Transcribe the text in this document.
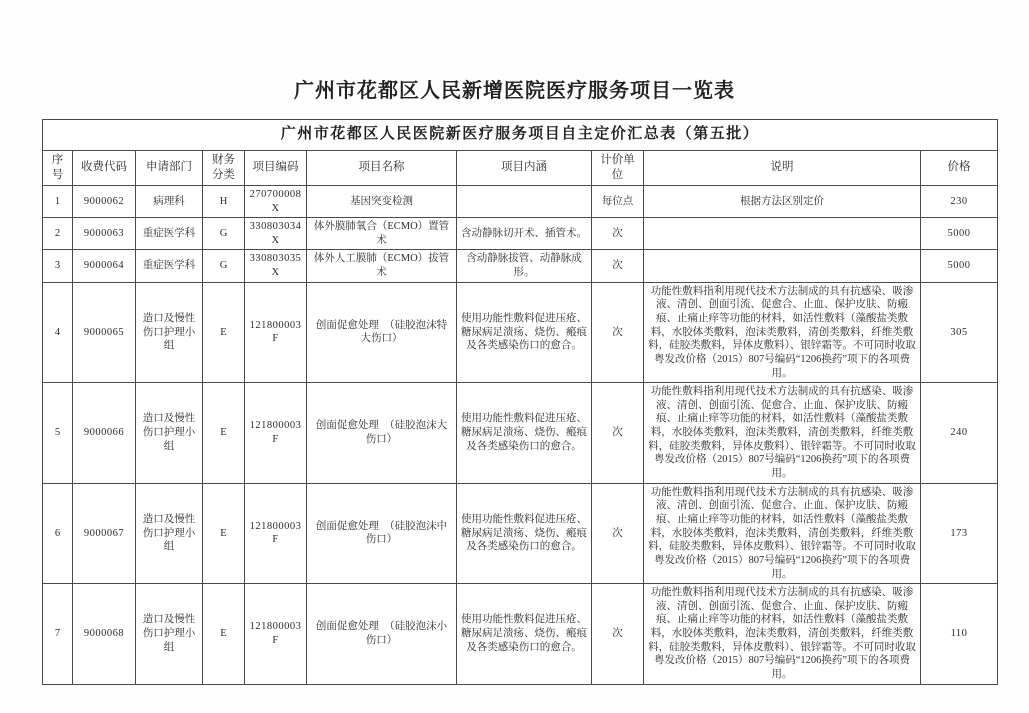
广州市花都区人民新增医院医疗服务项目一览表
广州市花都区人民医院新医疗服务项目自主定价汇总表（第五批）									
序号	收费代码	申请部门	财务分类	项目编码	项目名称	项目内涵	计价单位	说明	价格
1	9000062	病理科	H	270700008X	基因突变检测		每位点	根据方法区别定价	230
2	9000063	重症医学科	G	330803034X	体外膜肺氧合（ECMO）置管术	含动静脉切开术、插管术。	次		5000
3	9000064	重症医学科	G	330803035X	体外人工膜肺（ECMO）拔管术	含动静脉拔管、动静脉成形。	次		5000
4	9000065	造口及慢性伤口护理小组	E	121800003F	创面促愈处理　（硅胶泡沫特大伤口）	使用功能性敷料促进压疮、糖尿病足溃疡、烧伤、瘢痕及各类感染伤口的愈合。	次	功能性敷料指利用现代技术方法制成的具有抗感染、吸渗液、清创、创面引流、促愈合、止血、保护皮肤、防瘢痕、止痛止痒等功能的材料，如活性敷料（藻酸盐类敷料，水胶体类敷料，泡沫类敷料，清创类敷料，纤维类敷料，硅胶类敷料，异体皮敷料）、银锌霜等。不可同时收取粤发改价格（2015）807号编码“1206换药”项下的各项费用。	305
5	9000066	造口及慢性伤口护理小组	E	121800003F	创面促愈处理　（硅胶泡沫大伤口）	使用功能性敷料促进压疮、糖尿病足溃疡、烧伤、瘢痕及各类感染伤口的愈合。	次	功能性敷料指利用现代技术方法制成的具有抗感染、吸渗液、清创、创面引流、促愈合、止血、保护皮肤、防瘢痕、止痛止痒等功能的材料，如活性敷料（藻酸盐类敷料，水胶体类敷料，泡沫类敷料，清创类敷料，纤维类敷料，硅胶类敷料，异体皮敷料）、银锌霜等。不可同时收取粤发改价格（2015）807号编码“1206换药”项下的各项费用。	240
6	9000067	造口及慢性伤口护理小组	E	121800003F	创面促愈处理　（硅胶泡沫中伤口）	使用功能性敷料促进压疮、糖尿病足溃疡、烧伤、瘢痕及各类感染伤口的愈合。	次	功能性敷料指利用现代技术方法制成的具有抗感染、吸渗液、清创、创面引流、促愈合、止血、保护皮肤、防瘢痕、止痛止痒等功能的材料，如活性敷料（藻酸盐类敷料，水胶体类敷料，泡沫类敷料，清创类敷料，纤维类敷料，硅胶类敷料，异体皮敷料）、银锌霜等。不可同时收取粤发改价格（2015）807号编码“1206换药”项下的各项费用。	173
7	9000068	造口及慢性伤口护理小组	E	121800003F	创面促愈处理　（硅胶泡沫小伤口）	使用功能性敷料促进压疮、糖尿病足溃疡、烧伤、瘢痕及各类感染伤口的愈合。	次	功能性敷料指利用现代技术方法制成的具有抗感染、吸渗液、清创、创面引流、促愈合、止血、保护皮肤、防瘢痕、止痛止痒等功能的材料，如活性敷料（藻酸盐类敷料，水胶体类敷料，泡沫类敷料，清创类敷料，纤维类敷料，硅胶类敷料，异体皮敷料）、银锌霜等。不可同时收取粤发改价格（2015）807号编码“1206换药”项下的各项费用。	110
